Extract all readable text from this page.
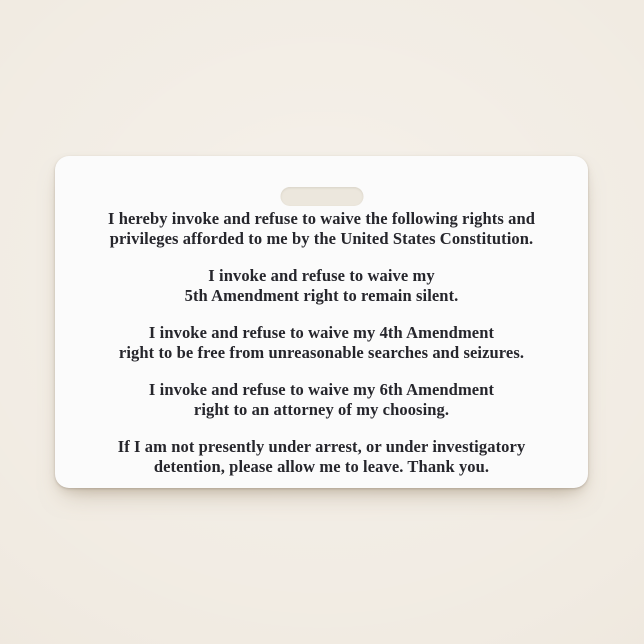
I hereby invoke and refuse to waive the following rights and
privileges afforded to me by the United States Constitution.

I invoke and refuse to waive my
5th Amendment right to remain silent.

I invoke and refuse to waive my 4th Amendment
right to be free from unreasonable searches and seizures.

I invoke and refuse to waive my 6th Amendment
right to an attorney of my choosing.

If I am not presently under arrest, or under investigatory
detention, please allow me to leave. Thank you.
